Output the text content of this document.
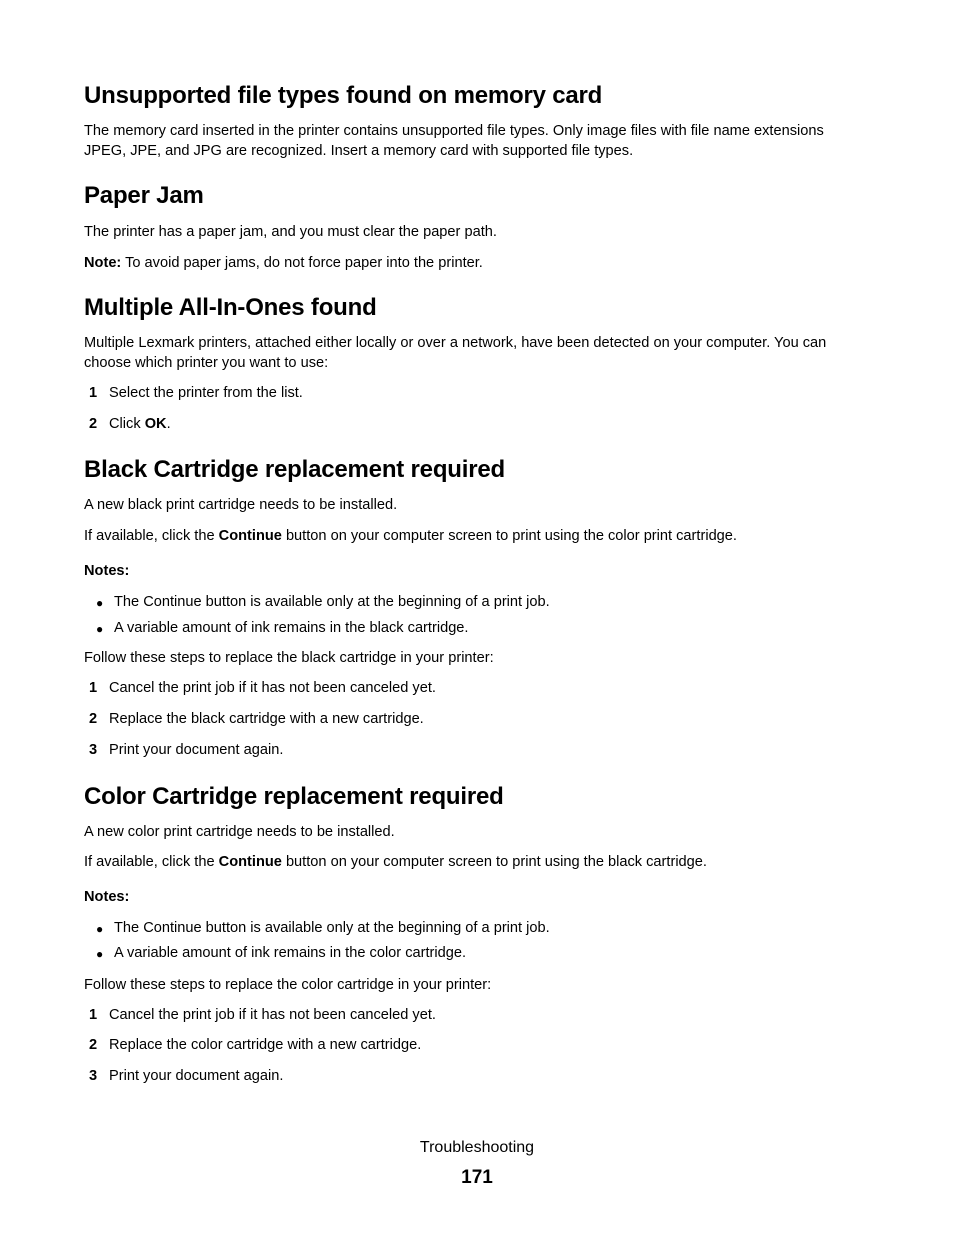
Unsupported file types found on memory card
The memory card inserted in the printer contains unsupported file types. Only image files with file name extensions
JPEG, JPE, and JPG are recognized. Insert a memory card with supported file types.
Paper Jam
The printer has a paper jam, and you must clear the paper path.
Note: To avoid paper jams, do not force paper into the printer.
Multiple All-In-Ones found
Multiple Lexmark printers, attached either locally or over a network, have been detected on your computer. You can
choose which printer you want to use:
1 Select the printer from the list.
2 Click OK.
Black Cartridge replacement required
A new black print cartridge needs to be installed.
If available, click the Continue button on your computer screen to print using the color print cartridge.
Notes:
● The Continue button is available only at the beginning of a print job.
● A variable amount of ink remains in the black cartridge.
Follow these steps to replace the black cartridge in your printer:
1 Cancel the print job if it has not been canceled yet.
2 Replace the black cartridge with a new cartridge.
3 Print your document again.
Color Cartridge replacement required
A new color print cartridge needs to be installed.
If available, click the Continue button on your computer screen to print using the black cartridge.
Notes:
● The Continue button is available only at the beginning of a print job.
● A variable amount of ink remains in the color cartridge.
Follow these steps to replace the color cartridge in your printer:
1 Cancel the print job if it has not been canceled yet.
2 Replace the color cartridge with a new cartridge.
3 Print your document again.
Troubleshooting
171
